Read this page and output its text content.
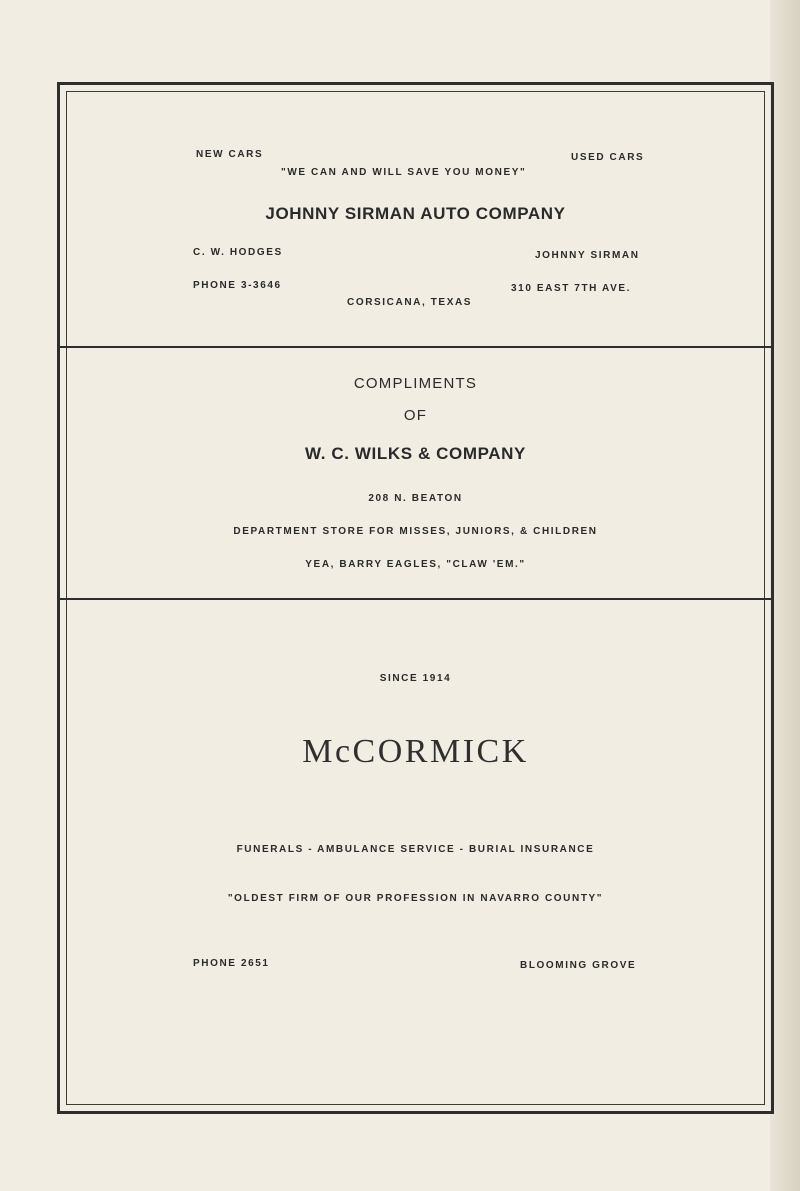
NEW CARS	USED CARS
"WE CAN AND WILL SAVE YOU MONEY"
JOHNNY SIRMAN AUTO COMPANY
C. W. HODGES	JOHNNY SIRMAN
PHONE 3-3646	310 EAST 7TH AVE.
CORSICANA, TEXAS
COMPLIMENTS
OF
W. C. WILKS & COMPANY
208 N. BEATON
DEPARTMENT STORE FOR MISSES, JUNIORS, & CHILDREN
YEA, BARRY EAGLES, "CLAW 'EM."
SINCE 1914
McCORMICK
FUNERALS - AMBULANCE SERVICE - BURIAL INSURANCE
"OLDEST FIRM OF OUR PROFESSION IN NAVARRO COUNTY"
PHONE 2651	BLOOMING GROVE
